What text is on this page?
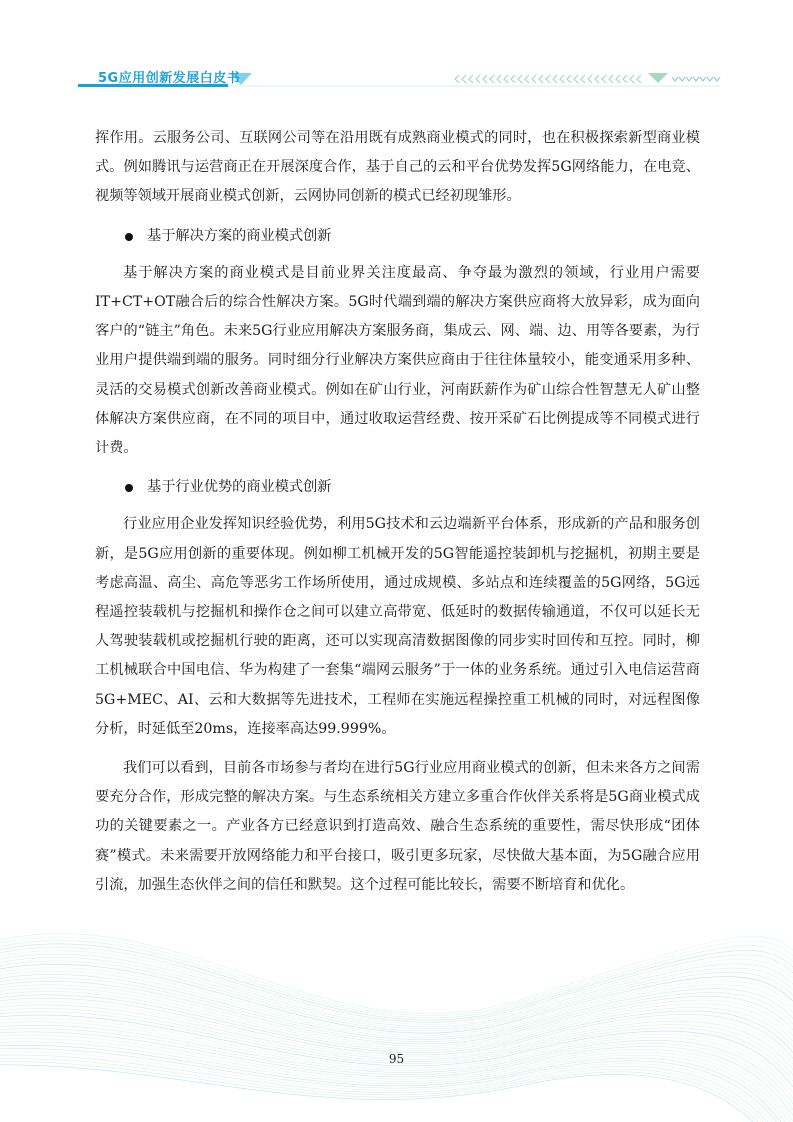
5G应用创新发展白皮书

挥作用。云服务公司、互联网公司等在沿用既有成熟商业模式的同时，也在积极探索新型商业模式。例如腾讯与运营商正在开展深度合作，基于自己的云和平台优势发挥5G网络能力，在电竞、视频等领域开展商业模式创新，云网协同创新的模式已经初现雏形。

基于解决方案的商业模式创新

基于解决方案的商业模式是目前业界关注度最高、争夺最为激烈的领域，行业用户需要IT+CT+OT融合后的综合性解决方案。5G时代端到端的解决方案供应商将大放异彩，成为面向客户的“链主”角色。未来5G行业应用解决方案服务商，集成云、网、端、边、用等各要素，为行业用户提供端到端的服务。同时细分行业解决方案供应商由于往往体量较小，能变通采用多种、灵活的交易模式创新改善商业模式。例如在矿山行业，河南跃薪作为矿山综合性智慧无人矿山整体解决方案供应商，在不同的项目中，通过收取运营经费、按开采矿石比例提成等不同模式进行计费。

基于行业优势的商业模式创新

行业应用企业发挥知识经验优势，利用5G技术和云边端新平台体系，形成新的产品和服务创新，是5G应用创新的重要体现。例如柳工机械开发的5G智能遥控装卸机与挖掘机，初期主要是考虑高温、高尘、高危等恶劣工作场所使用，通过成规模、多站点和连续覆盖的5G网络，5G远程遥控装载机与挖掘机和操作仓之间可以建立高带宽、低延时的数据传输通道，不仅可以延长无人驾驶装载机或挖掘机行驶的距离，还可以实现高清数据图像的同步实时回传和互控。同时，柳工机械联合中国电信、华为构建了一套集“端网云服务”于一体的业务系统。通过引入电信运营商 5G+MEC、AI、云和大数据等先进技术，工程师在实施远程操控重工机械的同时，对远程图像分析，时延低至20ms，连接率高达99.999%。

我们可以看到，目前各市场参与者均在进行5G行业应用商业模式的创新，但未来各方之间需要充分合作，形成完整的解决方案。与生态系统相关方建立多重合作伙伴关系将是5G商业模式成功的关键要素之一。产业各方已经意识到打造高效、融合生态系统的重要性，需尽快形成“团体赛”模式。未来需要开放网络能力和平台接口，吸引更多玩家，尽快做大基本面，为5G融合应用引流，加强生态伙伴之间的信任和默契。这个过程可能比较长，需要不断培育和优化。

95
